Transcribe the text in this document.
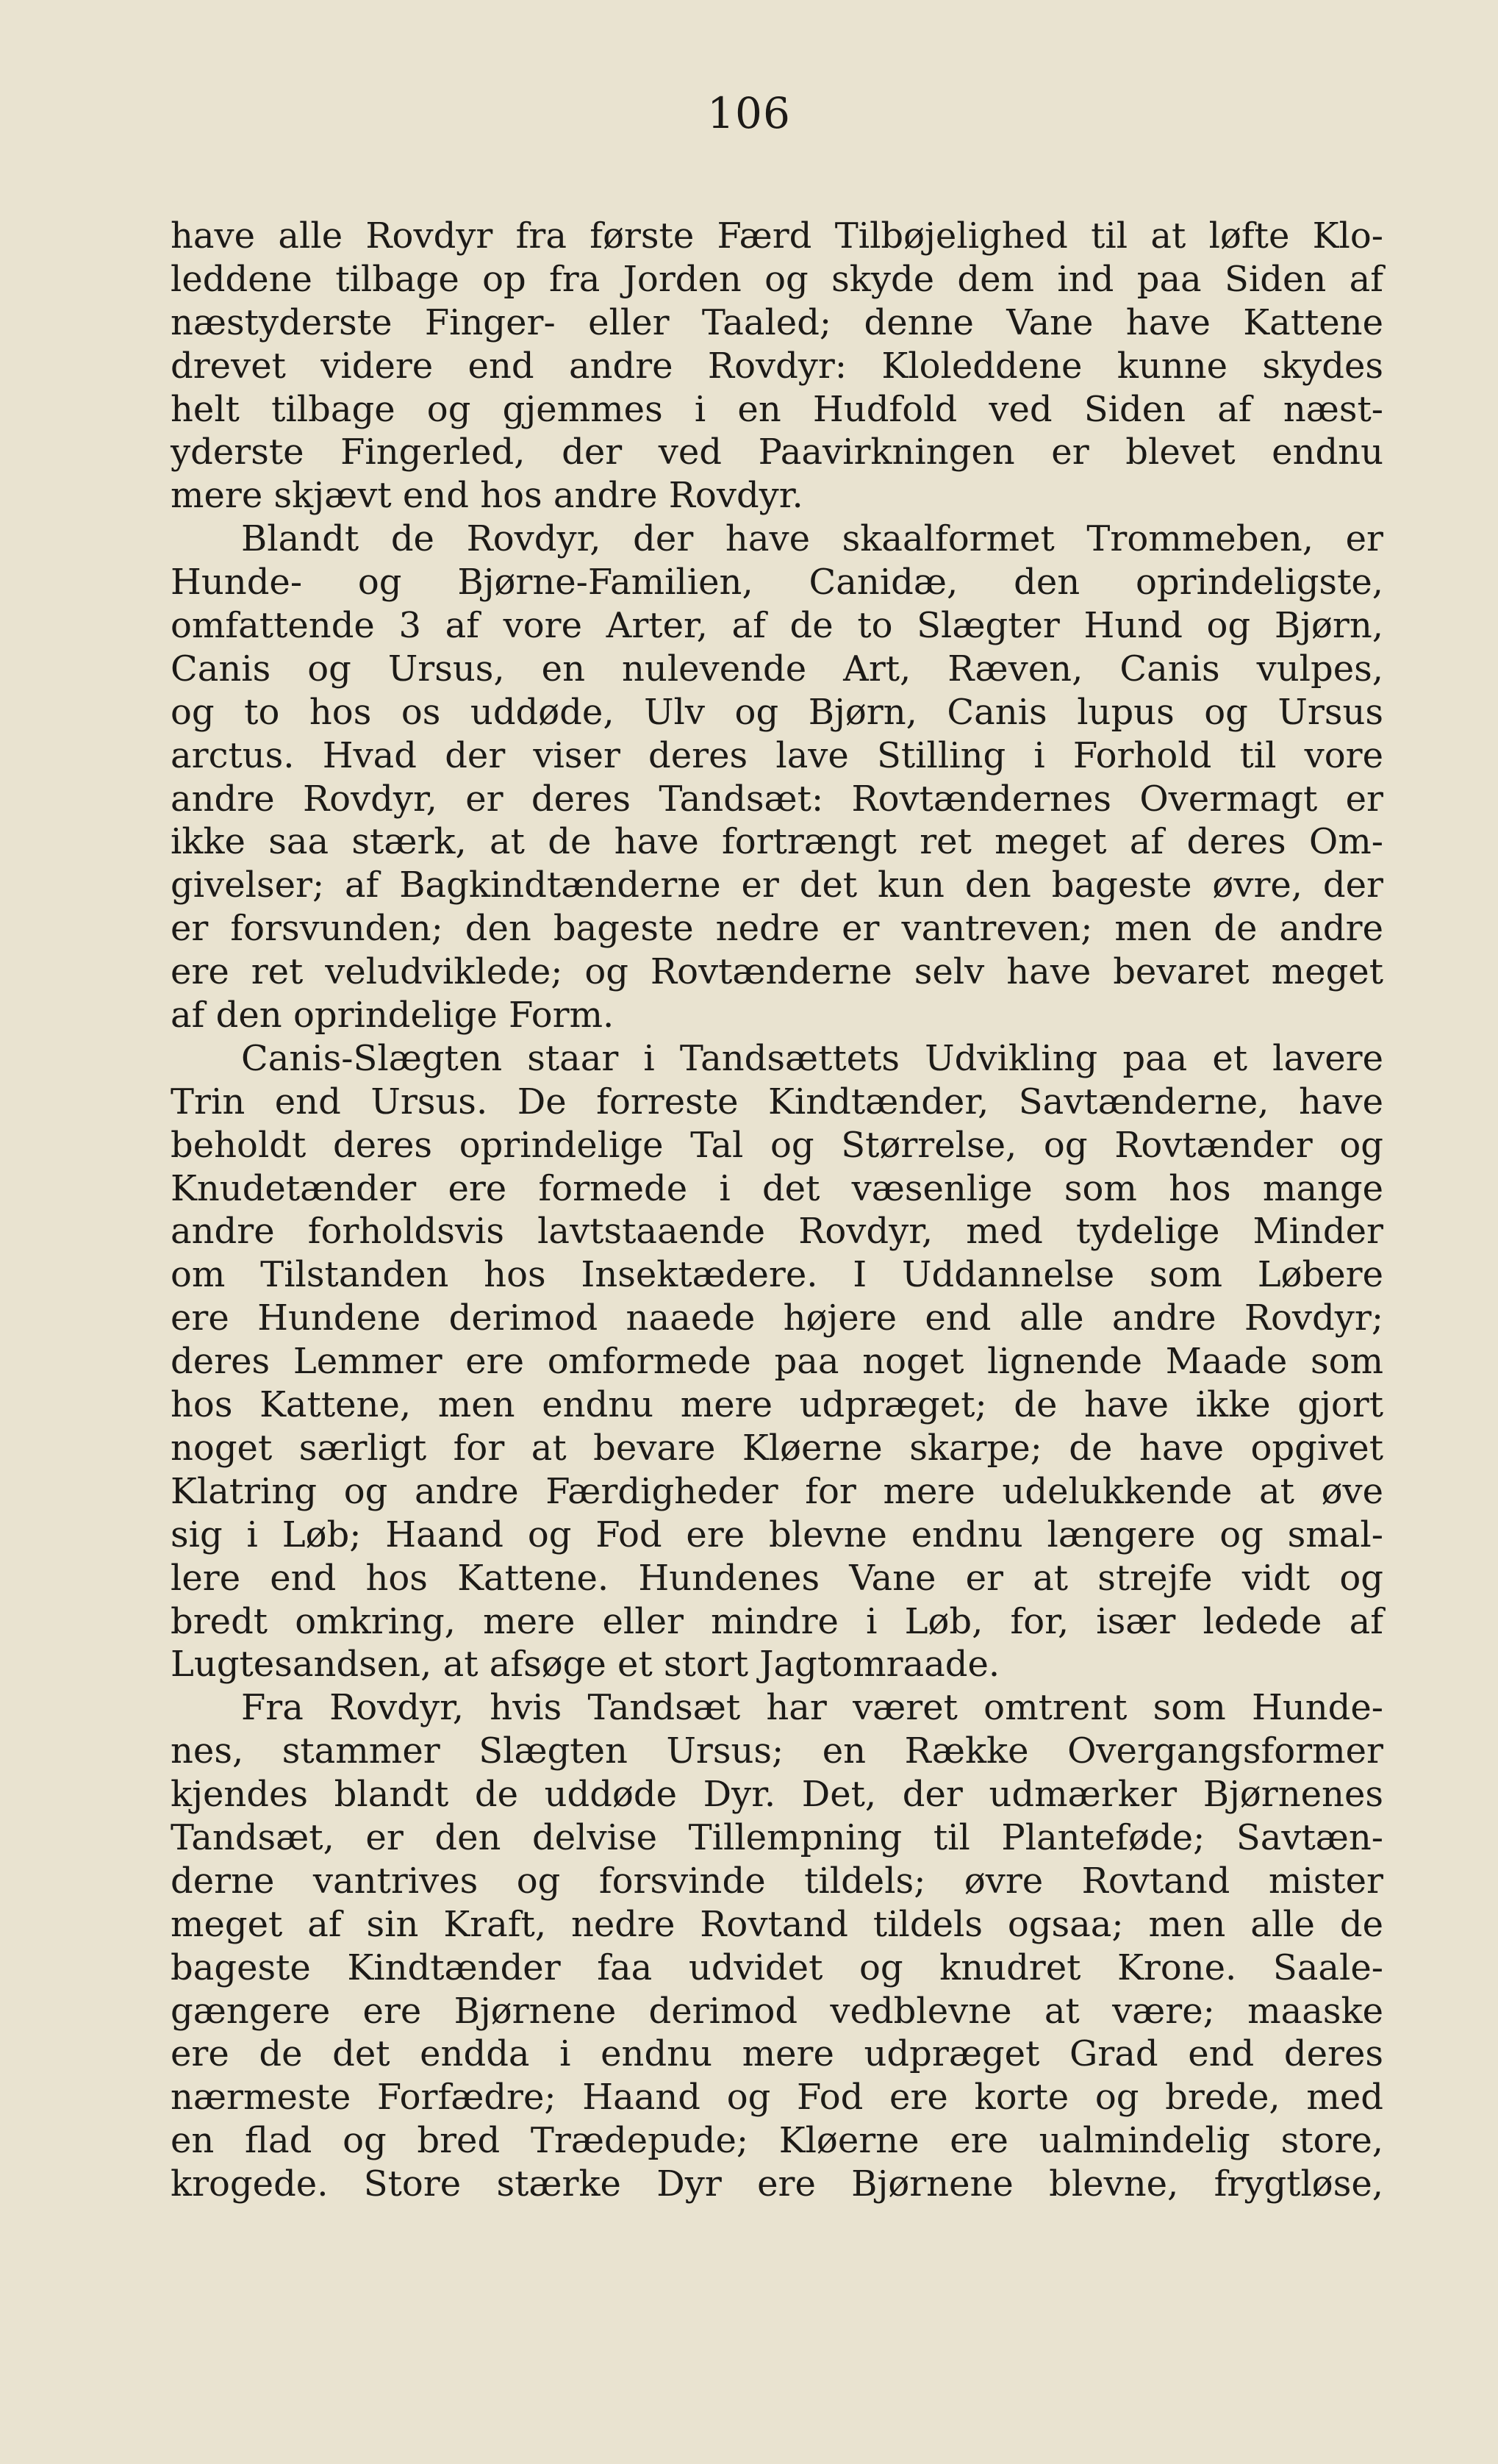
106
have alle Rovdyr fra første Færd Tilbøjelighed til at løfte Klo-
leddene tilbage op fra Jorden og skyde dem ind paa Siden af
næstyderste Finger- eller Taaled; denne Vane have Kattene
drevet videre end andre Rovdyr: Kloleddene kunne skydes
helt tilbage og gjemmes i en Hudfold ved Siden af næst-
yderste Fingerled, der ved Paavirkningen er blevet endnu
mere skjævt end hos andre Rovdyr.
Blandt de Rovdyr, der have skaalformet Trommeben, er
Hunde- og Bjørne-Familien, Canidæ, den oprindeligste,
omfattende 3 af vore Arter, af de to Slægter Hund og Bjørn,
Canis og Ursus, en nulevende Art, Ræven, Canis vulpes,
og to hos os uddøde, Ulv og Bjørn, Canis lupus og Ursus
arctus. Hvad der viser deres lave Stilling i Forhold til vore
andre Rovdyr, er deres Tandsæt: Rovtændernes Overmagt er
ikke saa stærk, at de have fortrængt ret meget af deres Om-
givelser; af Bagkindtænderne er det kun den bageste øvre, der
er forsvunden; den bageste nedre er vantreven; men de andre
ere ret veludviklede; og Rovtænderne selv have bevaret meget
af den oprindelige Form.
Canis-Slægten staar i Tandsættets Udvikling paa et lavere
Trin end Ursus. De forreste Kindtænder, Savtænderne, have
beholdt deres oprindelige Tal og Størrelse, og Rovtænder og
Knudetænder ere formede i det væsenlige som hos mange
andre forholdsvis lavtstaaende Rovdyr, med tydelige Minder
om Tilstanden hos Insektædere. I Uddannelse som Løbere
ere Hundene derimod naaede højere end alle andre Rovdyr;
deres Lemmer ere omformede paa noget lignende Maade som
hos Kattene, men endnu mere udpræget; de have ikke gjort
noget særligt for at bevare Kløerne skarpe; de have opgivet
Klatring og andre Færdigheder for mere udelukkende at øve
sig i Løb; Haand og Fod ere blevne endnu længere og smal-
lere end hos Kattene. Hundenes Vane er at strejfe vidt og
bredt omkring, mere eller mindre i Løb, for, især ledede af
Lugtesandsen, at afsøge et stort Jagtomraade.
Fra Rovdyr, hvis Tandsæt har været omtrent som Hunde-
nes, stammer Slægten Ursus; en Række Overgangsformer
kjendes blandt de uddøde Dyr. Det, der udmærker Bjørnenes
Tandsæt, er den delvise Tillempning til Planteføde; Savtæn-
derne vantrives og forsvinde tildels; øvre Rovtand mister
meget af sin Kraft, nedre Rovtand tildels ogsaa; men alle de
bageste Kindtænder faa udvidet og knudret Krone. Saale-
gængere ere Bjørnene derimod vedblevne at være; maaske
ere de det endda i endnu mere udpræget Grad end deres
nærmeste Forfædre; Haand og Fod ere korte og brede, med
en flad og bred Trædepude; Kløerne ere ualmindelig store,
krogede. Store stærke Dyr ere Bjørnene blevne, frygtløse,
